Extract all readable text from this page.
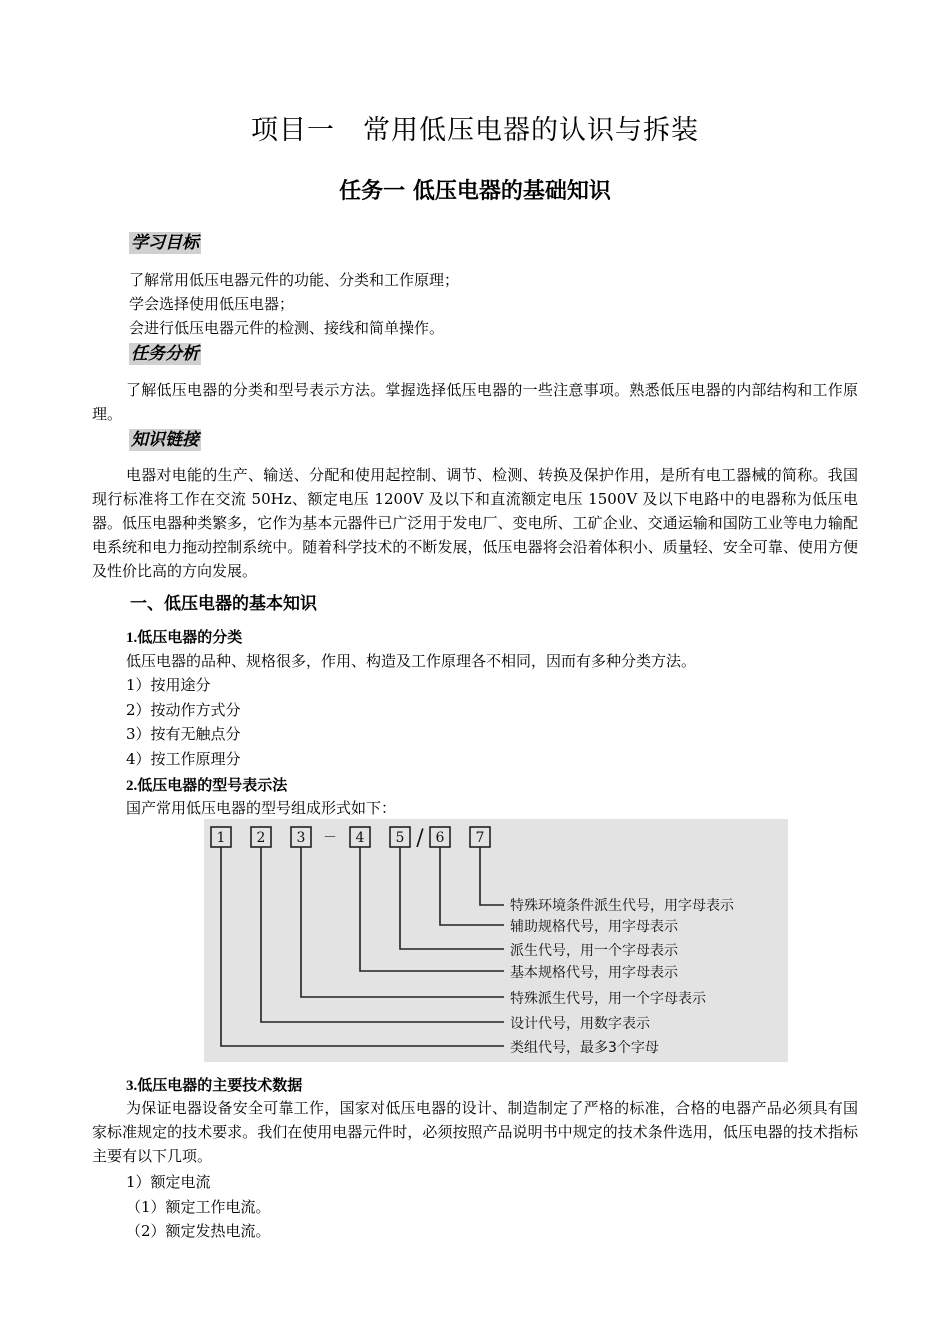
项目一　常用低压电器的认识与拆装
任务一 低压电器的基础知识
学习目标
了解常用低压电器元件的功能、分类和工作原理；
学会选择使用低压电器；
会进行低压电器元件的检测、接线和简单操作。
任务分析
了解低压电器的分类和型号表示方法。掌握选择低压电器的一些注意事项。熟悉低压电器的内部结构和工作原理。
知识链接
电器对电能的生产、输送、分配和使用起控制、调节、检测、转换及保护作用，是所有电工器械的简称。我国现行标准将工作在交流 50Hz、额定电压 1200V 及以下和直流额定电压 1500V 及以下电路中的电器称为低压电器。低压电器种类繁多，它作为基本元器件已广泛用于发电厂、变电所、工矿企业、交通运输和国防工业等电力输配电系统和电力拖动控制系统中。随着科学技术的不断发展，低压电器将会沿着体积小、质量轻、安全可靠、使用方便及性价比高的方向发展。
一、低压电器的基本知识
1.低压电器的分类
低压电器的品种、规格很多，作用、构造及工作原理各不相同，因而有多种分类方法。
1）按用途分
2）按动作方式分
3）按有无触点分
4）按工作原理分
2.低压电器的型号表示法
国产常用低压电器的型号组成形式如下：
1 2 3 － 4 5 / 6 7
特殊环境条件派生代号，用字母表示
辅助规格代号，用字母表示
派生代号，用一个字母表示
基本规格代号，用字母表示
特殊派生代号，用一个字母表示
设计代号，用数字表示
类组代号，最多3个字母
3.低压电器的主要技术数据
为保证电器设备安全可靠工作，国家对低压电器的设计、制造制定了严格的标准，合格的电器产品必须具有国家标准规定的技术要求。我们在使用电器元件时，必须按照产品说明书中规定的技术条件选用，低压电器的技术指标主要有以下几项。
1）额定电流
（1）额定工作电流。
（2）额定发热电流。
